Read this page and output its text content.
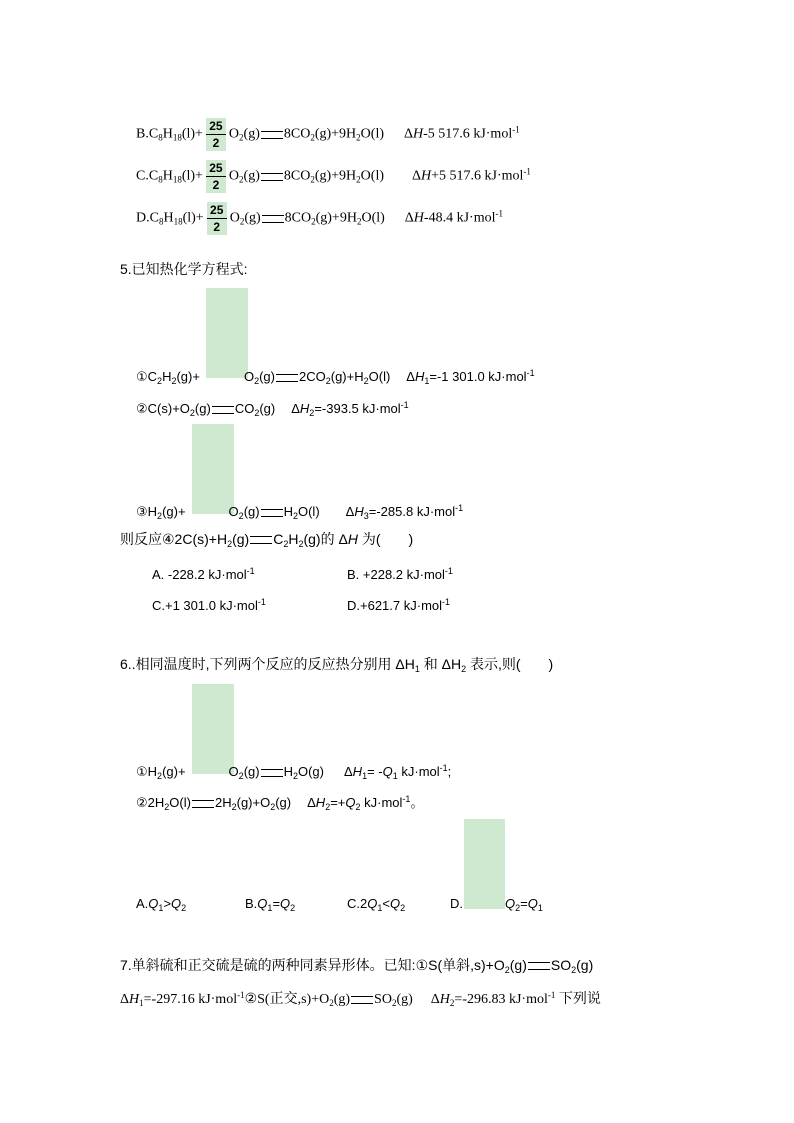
$B.C_8H_{18}(l)+ \frac{25}{2} O_2(g)$ $8CO_2(g)+9H_2O(l)$ ΔH-5 517.6 kJ·mol$^{-1}$
$C.C_8H_{18}(l)+ \frac{25}{2} O_2(g)$ $8CO_2(g)+9H_2O(l)$ ΔH+5 517.6 kJ·mol$^{-1}$
$D.C_8H_{18}(l)+ \frac{25}{2} O_2(g)$ $8CO_2(g)+9H_2O(l)$ ΔH-48.4 kJ·mol$^{-1}$
5.已知热化学方程式:
$①C_2H_2(g)+$	$O_2(g)$ $2CO_2(g)+H_2O(l)$ $\Delta H_1=-1$ 301.0 kJ·mol$^{-1}$
$②C(s)+O_2(g)$ $CO_2(g)$ $\Delta H_2=-393.5$ kJ·mol$^{-1}$
$③H_2(g)+$	$O_2(g)$ $H_2O(l)$ $\Delta H_3=-285.8$ kJ·mol$^{-1}$
则反应$④2C(s)+H_2(g)$ $C_2H_2(g)$的 ΔH 为(　　)
A. -228.2 kJ·mol$^{-1}$	B. +228.2 kJ·mol$^{-1}$
C.+1 301.0 kJ·mol$^{-1}$	D.+621.7 kJ·mol$^{-1}$
6..相同温度时,下列两个反应的反应热分别用 $\Delta H_1$ 和 $\Delta H_2$ 表示,则(　　)
$①H_2(g)+$	$O_2(g)$ $H_2O(g)$ $\Delta H_1= -Q_1$ kJ·mol$^{-1}$;
$②2H_2O(l)$ $2H_2(g)+O_2(g)$ $\Delta H_2=+Q_2$ kJ·mol$^{-1}$。
$A.Q_1>Q_2$	$B.Q_1=Q_2$	$C.2Q_1<Q_2$	D.	$Q_2=Q_1$
7.单斜硫和正交硫是硫的两种同素异形体。已知:①S(单斜$,s)+O_2(g)$ $SO_2(g)$
$\Delta H_1=-297.16$ kJ·mol$^{-1}$②S(正交$,s)+O_2(g)$ $SO_2(g)$ $\Delta H_2=-296.83$ kJ·mol$^{-1}$ 下列说
